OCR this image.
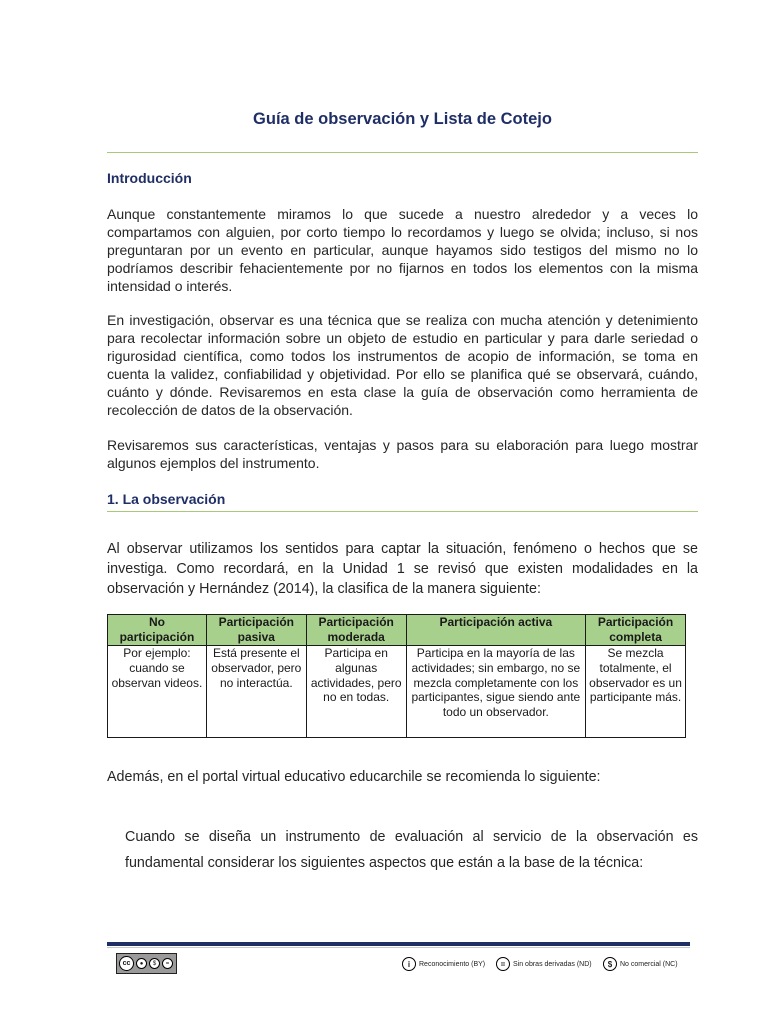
Guía de observación y Lista de Cotejo
Introducción
Aunque constantemente miramos lo que sucede a nuestro alrededor y a veces lo compartamos con alguien, por corto tiempo lo recordamos y luego se olvida; incluso, si nos preguntaran por un evento en particular, aunque hayamos sido testigos del mismo no lo podríamos describir fehacientemente por no fijarnos en todos los elementos con la misma intensidad o interés.
En investigación, observar es una técnica que se realiza con mucha atención y detenimiento para recolectar información sobre un objeto de estudio en particular y para darle seriedad o rigurosidad científica, como todos los instrumentos de acopio de información, se toma en cuenta la validez, confiabilidad y objetividad. Por ello se planifica qué se observará, cuándo, cuánto y dónde. Revisaremos en esta clase la guía de observación como herramienta de recolección de datos de la observación.
Revisaremos sus características, ventajas y pasos para su elaboración para luego mostrar algunos ejemplos del instrumento.
1. La observación
Al observar utilizamos los sentidos para captar la situación, fenómeno o hechos que se investiga. Como recordará, en la Unidad 1 se revisó que existen modalidades en la observación y Hernández (2014), la clasifica de la manera siguiente:
No participación	Participación pasiva	Participación moderada	Participación activa	Participación completa
Por ejemplo: cuando se observan videos.	Está presente el observador, pero no interactúa.	Participa en algunas actividades, pero no en todas.	Participa en la mayoría de las actividades; sin embargo, no se mezcla completamente con los participantes, sigue siendo ante todo un observador.	Se mezcla totalmente, el observador es un participante más.
Además, en el portal virtual educativo educarchile se recomienda lo siguiente:
Cuando se diseña un instrumento de evaluación al servicio de la observación es fundamental considerar los siguientes aspectos que están a la base de la técnica:
cc	●	$	=	i	Reconocimiento (BY)	=	Sin obras derivadas (ND)	$	No comercial (NC)
